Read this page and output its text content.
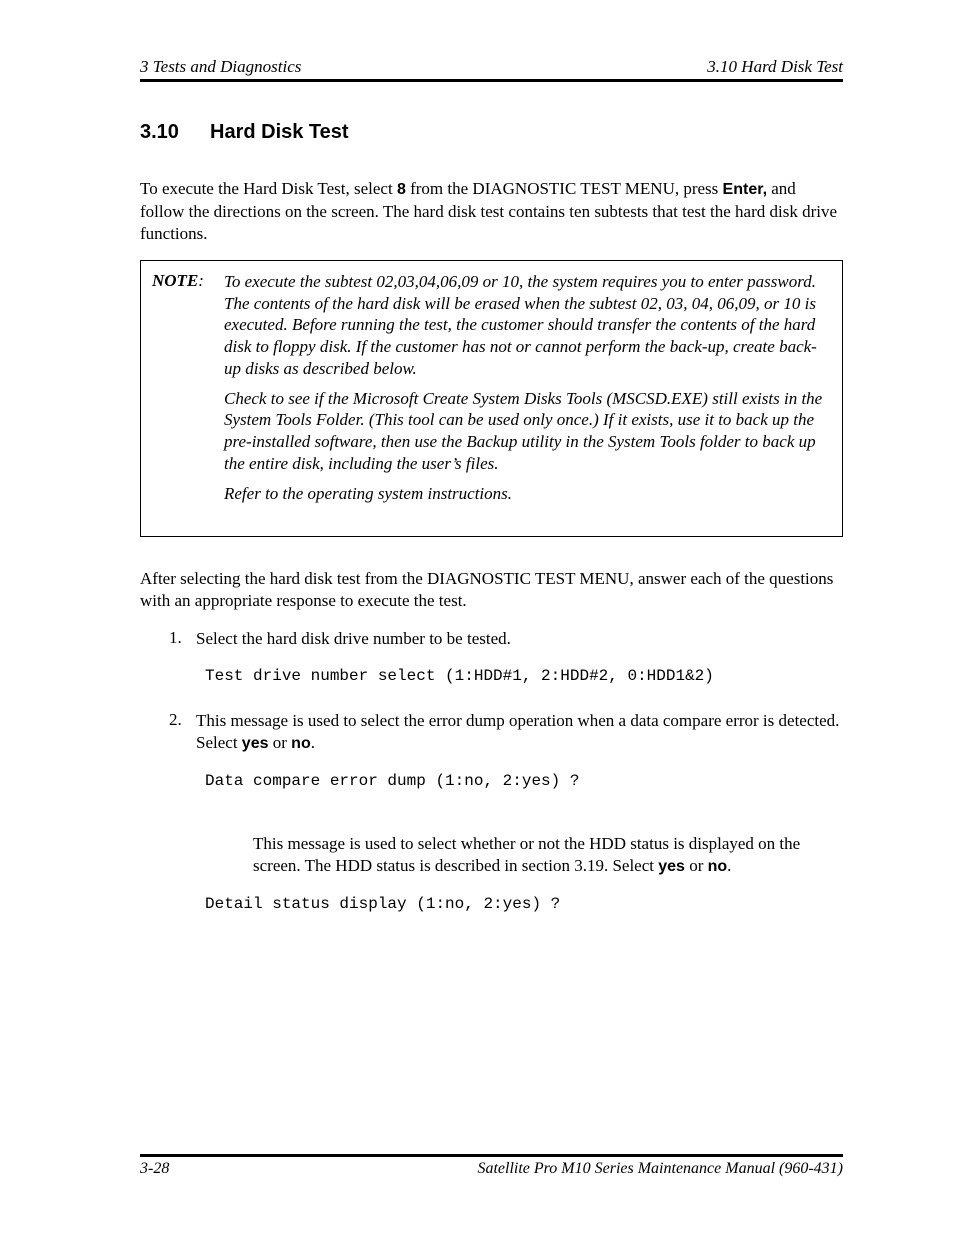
3 Tests and Diagnostics	3.10 Hard Disk Test
3.10 Hard Disk Test

To execute the Hard Disk Test, select 8 from the DIAGNOSTIC TEST MENU, press Enter, and follow the directions on the screen. The hard disk test contains ten subtests that test the hard disk drive functions.

NOTE: To execute the subtest 02,03,04,06,09 or 10, the system requires you to enter password.

The contents of the hard disk will be erased when the subtest 02, 03, 04, 06,09, or 10 is executed. Before running the test, the customer should transfer the contents of the hard disk to floppy disk. If the customer has not or cannot perform the back-up, create back-up disks as described below.

Check to see if the Microsoft Create System Disks Tools (MSCSD.EXE) still exists in the System Tools Folder. (This tool can be used only once.) If it exists, use it to back up the pre-installed software, then use the Backup utility in the System Tools folder to back up the entire disk, including the user’s files.

Refer to the operating system instructions.

After selecting the hard disk test from the DIAGNOSTIC TEST MENU, answer each of the questions with an appropriate response to execute the test.

1. Select the hard disk drive number to be tested.

Test drive number select (1:HDD#1, 2:HDD#2, 0:HDD1&2)
2. This message is used to select the error dump operation when a data compare error is detected. Select yes or no.

Data compare error dump (1:no, 2:yes) ?

This message is used to select whether or not the HDD status is displayed on the screen. The HDD status is described in section 3.19. Select yes or no.

Detail status display (1:no, 2:yes) ?
3-28	Satellite Pro M10 Series Maintenance Manual (960-431)
